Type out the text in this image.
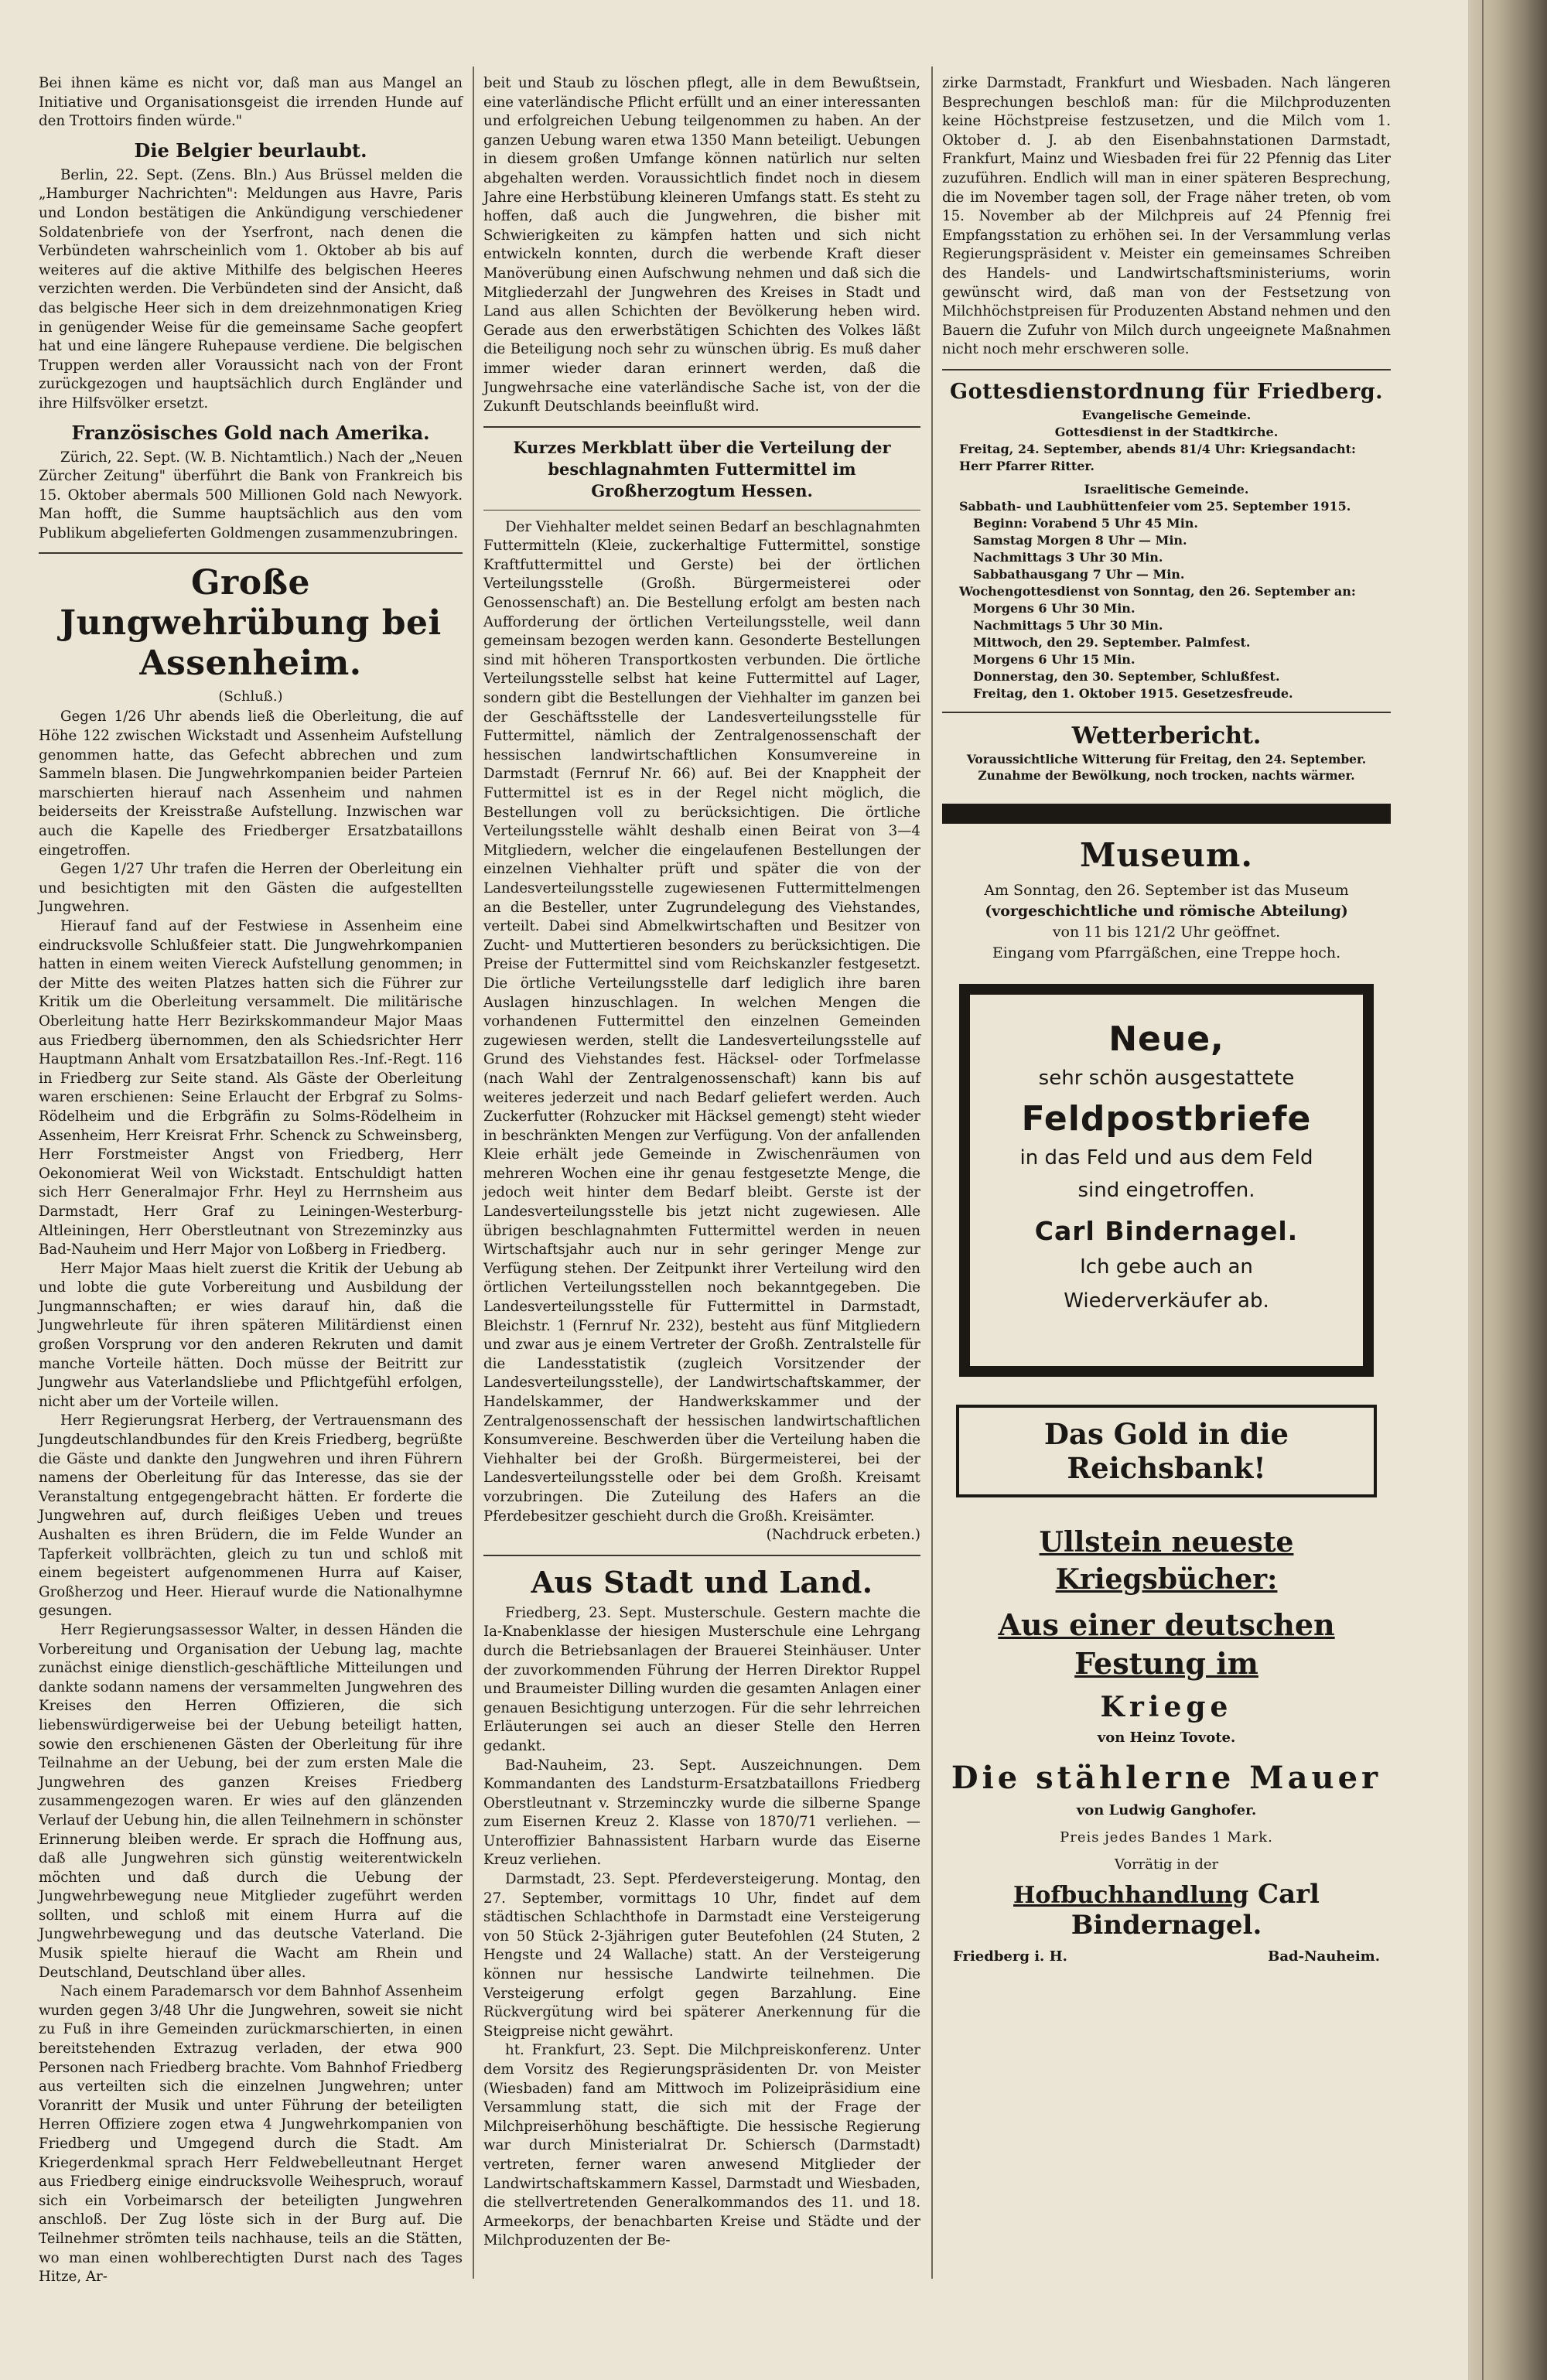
Bei ihnen käme es nicht vor, daß man aus Mangel an Initiative und Organisationsgeist die irrenden Hunde auf den Trottoirs finden würde."

Die Belgier beurlaubt.

Berlin, 22. Sept. (Zens. Bln.) Aus Brüssel melden die „Hamburger Nachrichten": Meldungen aus Havre, Paris und London bestätigen die Ankündigung verschiedener Soldatenbriefe von der Yserfront, nach denen die Verbündeten wahrscheinlich vom 1. Oktober ab bis auf weiteres auf die aktive Mithilfe des belgischen Heeres verzichten werden. Die Verbündeten sind der Ansicht, daß das belgische Heer sich in dem dreizehnmonatigen Krieg in genügender Weise für die gemeinsame Sache geopfert hat und eine längere Ruhepause verdiene. Die belgischen Truppen werden aller Voraussicht nach von der Front zurückgezogen und hauptsächlich durch Engländer und ihre Hilfsvölker ersetzt.

Französisches Gold nach Amerika.

Zürich, 22. Sept. (W. B. Nichtamtlich.) Nach der „Neuen Zürcher Zeitung" überführt die Bank von Frankreich bis 15. Oktober abermals 500 Millionen Gold nach Newyork. Man hofft, die Summe hauptsächlich aus den vom Publikum abgelieferten Goldmengen zusammenzubringen.

Große Jungwehrübung bei Assenheim.
(Schluß.)

Gegen 1/26 Uhr abends ließ die Oberleitung, die auf Höhe 122 zwischen Wickstadt und Assenheim Aufstellung genommen hatte, das Gefecht abbrechen und zum Sammeln blasen. Die Jungwehrkompanien beider Parteien marschierten hierauf nach Assenheim und nahmen beiderseits der Kreisstraße Aufstellung. Inzwischen war auch die Kapelle des Friedberger Ersatzbataillons eingetroffen.

Gegen 1/27 Uhr trafen die Herren der Oberleitung ein und besichtigten mit den Gästen die aufgestellten Jungwehren.

Hierauf fand auf der Festwiese in Assenheim eine eindrucksvolle Schlußfeier statt. Die Jungwehrkompanien hatten in einem weiten Viereck Aufstellung genommen; in der Mitte des weiten Platzes hatten sich die Führer zur Kritik um die Oberleitung versammelt. Die militärische Oberleitung hatte Herr Bezirkskommandeur Major Maas aus Friedberg übernommen, den als Schiedsrichter Herr Hauptmann Anhalt vom Ersatzbataillon Res.-Inf.-Regt. 116 in Friedberg zur Seite stand. Als Gäste der Oberleitung waren erschienen: Seine Erlaucht der Erbgraf zu Solms-Rödelheim und die Erbgräfin zu Solms-Rödelheim in Assenheim, Herr Kreisrat Frhr. Schenck zu Schweinsberg, Herr Forstmeister Angst von Friedberg, Herr Oekonomierat Weil von Wickstadt. Entschuldigt hatten sich Herr Generalmajor Frhr. Heyl zu Herrnsheim aus Darmstadt, Herr Graf zu Leiningen-Westerburg-Altleiningen, Herr Oberstleutnant von Strezeminzky aus Bad-Nauheim und Herr Major von Loßberg in Friedberg.

Herr Major Maas hielt zuerst die Kritik der Uebung ab und lobte die gute Vorbereitung und Ausbildung der Jungmannschaften; er wies darauf hin, daß die Jungwehrleute für ihren späteren Militärdienst einen großen Vorsprung vor den anderen Rekruten und damit manche Vorteile hätten. Doch müsse der Beitritt zur Jungwehr aus Vaterlandsliebe und Pflichtgefühl erfolgen, nicht aber um der Vorteile willen.

Herr Regierungsrat Herberg, der Vertrauensmann des Jungdeutschlandbundes für den Kreis Friedberg, begrüßte die Gäste und dankte den Jungwehren und ihren Führern namens der Oberleitung für das Interesse, das sie der Veranstaltung entgegengebracht hätten. Er forderte die Jungwehren auf, durch fleißiges Ueben und treues Aushalten es ihren Brüdern, die im Felde Wunder an Tapferkeit vollbrächten, gleich zu tun und schloß mit einem begeistert aufgenommenen Hurra auf Kaiser, Großherzog und Heer. Hierauf wurde die Nationalhymne gesungen.

Herr Regierungsassessor Walter, in dessen Händen die Vorbereitung und Organisation der Uebung lag, machte zunächst einige dienstlich-geschäftliche Mitteilungen und dankte sodann namens der versammelten Jungwehren des Kreises den Herren Offizieren, die sich liebenswürdigerweise bei der Uebung beteiligt hatten, sowie den erschienenen Gästen der Oberleitung für ihre Teilnahme an der Uebung, bei der zum ersten Male die Jungwehren des ganzen Kreises Friedberg zusammengezogen waren. Er wies auf den glänzenden Verlauf der Uebung hin, die allen Teilnehmern in schönster Erinnerung bleiben werde. Er sprach die Hoffnung aus, daß alle Jungwehren sich günstig weiterentwickeln möchten und daß durch die Uebung der Jungwehrbewegung neue Mitglieder zugeführt werden sollten, und schloß mit einem Hurra auf die Jungwehrbewegung und das deutsche Vaterland. Die Musik spielte hierauf die Wacht am Rhein und Deutschland, Deutschland über alles.

Nach einem Parademarsch vor dem Bahnhof Assenheim wurden gegen 3/48 Uhr die Jungwehren, soweit sie nicht zu Fuß in ihre Gemeinden zurückmarschierten, in einen bereitstehenden Extrazug verladen, der etwa 900 Personen nach Friedberg brachte. Vom Bahnhof Friedberg aus verteilten sich die einzelnen Jungwehren; unter Voranritt der Musik und unter Führung der beteiligten Herren Offiziere zogen etwa 4 Jungwehrkompanien von Friedberg und Umgegend durch die Stadt. Am Kriegerdenkmal sprach Herr Feldwebelleutnant Herget aus Friedberg einige eindrucksvolle Weihespruch, worauf sich ein Vorbeimarsch der beteiligten Jungwehren anschloß. Der Zug löste sich in der Burg auf. Die Teilnehmer strömten teils nachhause, teils an die Stätten, wo man einen wohlberechtigten Durst nach des Tages Hitze, Ar-

beit und Staub zu löschen pflegt, alle in dem Bewußtsein, eine vaterländische Pflicht erfüllt und an einer interessanten und erfolgreichen Uebung teilgenommen zu haben. An der ganzen Uebung waren etwa 1350 Mann beteiligt. Uebungen in diesem großen Umfange können natürlich nur selten abgehalten werden. Voraussichtlich findet noch in diesem Jahre eine Herbstübung kleineren Umfangs statt. Es steht zu hoffen, daß auch die Jungwehren, die bisher mit Schwierigkeiten zu kämpfen hatten und sich nicht entwickeln konnten, durch die werbende Kraft dieser Manöverübung einen Aufschwung nehmen und daß sich die Mitgliederzahl der Jungwehren des Kreises in Stadt und Land aus allen Schichten der Bevölkerung heben wird. Gerade aus den erwerbstätigen Schichten des Volkes läßt die Beteiligung noch sehr zu wünschen übrig. Es muß daher immer wieder daran erinnert werden, daß die Jungwehrsache eine vaterländische Sache ist, von der die Zukunft Deutschlands beeinflußt wird.

Kurzes Merkblatt über die Verteilung der beschlagnahmten Futtermittel im Großherzogtum Hessen.

Der Viehhalter meldet seinen Bedarf an beschlagnahmten Futtermitteln (Kleie, zuckerhaltige Futtermittel, sonstige Kraftfuttermittel und Gerste) bei der örtlichen Verteilungsstelle (Großh. Bürgermeisterei oder Genossenschaft) an. Die Bestellung erfolgt am besten nach Aufforderung der örtlichen Verteilungsstelle, weil dann gemeinsam bezogen werden kann. Gesonderte Bestellungen sind mit höheren Transportkosten verbunden. Die örtliche Verteilungsstelle selbst hat keine Futtermittel auf Lager, sondern gibt die Bestellungen der Viehhalter im ganzen bei der Geschäftsstelle der Landesverteilungsstelle für Futtermittel, nämlich der Zentralgenossenschaft der hessischen landwirtschaftlichen Konsumvereine in Darmstadt (Fernruf Nr. 66) auf. Bei der Knappheit der Futtermittel ist es in der Regel nicht möglich, die Bestellungen voll zu berücksichtigen. Die örtliche Verteilungsstelle wählt deshalb einen Beirat von 3—4 Mitgliedern, welcher die eingelaufenen Bestellungen der einzelnen Viehhalter prüft und später die von der Landesverteilungsstelle zugewiesenen Futtermittelmengen an die Besteller, unter Zugrundelegung des Viehstandes, verteilt. Dabei sind Abmelkwirtschaften und Besitzer von Zucht- und Muttertieren besonders zu berücksichtigen. Die Preise der Futtermittel sind vom Reichskanzler festgesetzt. Die örtliche Verteilungsstelle darf lediglich ihre baren Auslagen hinzuschlagen. In welchen Mengen die vorhandenen Futtermittel den einzelnen Gemeinden zugewiesen werden, stellt die Landesverteilungsstelle auf Grund des Viehstandes fest. Häcksel- oder Torfmelasse (nach Wahl der Zentralgenossenschaft) kann bis auf weiteres jederzeit und nach Bedarf geliefert werden. Auch Zuckerfutter (Rohzucker mit Häcksel gemengt) steht wieder in beschränkten Mengen zur Verfügung. Von der anfallenden Kleie erhält jede Gemeinde in Zwischenräumen von mehreren Wochen eine ihr genau festgesetzte Menge, die jedoch weit hinter dem Bedarf bleibt. Gerste ist der Landesverteilungsstelle bis jetzt nicht zugewiesen. Alle übrigen beschlagnahmten Futtermittel werden in neuen Wirtschaftsjahr auch nur in sehr geringer Menge zur Verfügung stehen. Der Zeitpunkt ihrer Verteilung wird den örtlichen Verteilungsstellen noch bekanntgegeben. Die Landesverteilungsstelle für Futtermittel in Darmstadt, Bleichstr. 1 (Fernruf Nr. 232), besteht aus fünf Mitgliedern und zwar aus je einem Vertreter der Großh. Zentralstelle für die Landesstatistik (zugleich Vorsitzender der Landesverteilungsstelle), der Landwirtschaftskammer, der Handelskammer, der Handwerkskammer und der Zentralgenossenschaft der hessischen landwirtschaftlichen Konsumvereine. Beschwerden über die Verteilung haben die Viehhalter bei der Großh. Bürgermeisterei, bei der Landesverteilungsstelle oder bei dem Großh. Kreisamt vorzubringen. Die Zuteilung des Hafers an die Pferdebesitzer geschieht durch die Großh. Kreisämter.

(Nachdruck erbeten.)

Aus Stadt und Land.

Friedberg, 23. Sept. Musterschule. Gestern machte die Ia-Knabenklasse der hiesigen Musterschule eine Lehrgang durch die Betriebsanlagen der Brauerei Steinhäuser. Unter der zuvorkommenden Führung der Herren Direktor Ruppel und Braumeister Dilling wurden die gesamten Anlagen einer genauen Besichtigung unterzogen. Für die sehr lehrreichen Erläuterungen sei auch an dieser Stelle den Herren gedankt.

Bad-Nauheim, 23. Sept. Auszeichnungen. Dem Kommandanten des Landsturm-Ersatzbataillons Friedberg Oberstleutnant v. Strzeminczky wurde die silberne Spange zum Eisernen Kreuz 2. Klasse von 1870/71 verliehen. — Unteroffizier Bahnassistent Harbarn wurde das Eiserne Kreuz verliehen.

Darmstadt, 23. Sept. Pferdeversteigerung. Montag, den 27. September, vormittags 10 Uhr, findet auf dem städtischen Schlachthofe in Darmstadt eine Versteigerung von 50 Stück 2-3jährigen guter Beutefohlen (24 Stuten, 2 Hengste und 24 Wallache) statt. An der Versteigerung können nur hessische Landwirte teilnehmen. Die Versteigerung erfolgt gegen Barzahlung. Eine Rückvergütung wird bei späterer Anerkennung für die Steigpreise nicht gewährt.

ht. Frankfurt, 23. Sept. Die Milchpreiskonferenz. Unter dem Vorsitz des Regierungspräsidenten Dr. von Meister (Wiesbaden) fand am Mittwoch im Polizeipräsidium eine Versammlung statt, die sich mit der Frage der Milchpreiserhöhung beschäftigte. Die hessische Regierung war durch Ministerialrat Dr. Schiersch (Darmstadt) vertreten, ferner waren anwesend Mitglieder der Landwirtschaftskammern Kassel, Darmstadt und Wiesbaden, die stellvertretenden Generalkommandos des 11. und 18. Armeekorps, der benachbarten Kreise und Städte und der Milchproduzenten der Be-

zirke Darmstadt, Frankfurt und Wiesbaden. Nach längeren Besprechungen beschloß man: für die Milchproduzenten keine Höchstpreise festzusetzen, und die Milch vom 1. Oktober d. J. ab den Eisenbahnstationen Darmstadt, Frankfurt, Mainz und Wiesbaden frei für 22 Pfennig das Liter zuzuführen. Endlich will man in einer späteren Besprechung, die im November tagen soll, der Frage näher treten, ob vom 15. November ab der Milchpreis auf 24 Pfennig frei Empfangsstation zu erhöhen sei. In der Versammlung verlas Regierungspräsident v. Meister ein gemeinsames Schreiben des Handels- und Landwirtschaftsministeriums, worin gewünscht wird, daß man von der Festsetzung von Milchhöchstpreisen für Produzenten Abstand nehmen und den Bauern die Zufuhr von Milch durch ungeeignete Maßnahmen nicht noch mehr erschweren solle.

Gottesdienstordnung für Friedberg.
Evangelische Gemeinde.
Gottesdienst in der Stadtkirche.
Freitag, 24. September, abends 81/4 Uhr: Kriegsandacht: Herr Pfarrer Ritter.
Israelitische Gemeinde.
Sabbath- und Laubhüttenfeier vom 25. September 1915.
Beginn: Vorabend 5 Uhr 45 Min.
Samstag Morgen 8 Uhr — Min.
Nachmittags 3 Uhr 30 Min.
Sabbathausgang 7 Uhr — Min.
Wochengottesdienst von Sonntag, den 26. September an:
Morgens 6 Uhr 30 Min.
Nachmittags 5 Uhr 30 Min.
Mittwoch, den 29. September. Palmfest.
Morgens 6 Uhr 15 Min.
Donnerstag, den 30. September, Schlußfest.
Freitag, den 1. Oktober 1915. Gesetzesfreude.
Wetterbericht.
Voraussichtliche Witterung für Freitag, den 24. September.
Zunahme der Bewölkung, noch trocken, nachts wärmer.
Museum.
Am Sonntag, den 26. September ist das Museum
(vorgeschichtliche und römische Abteilung)
von 11 bis 121/2 Uhr geöffnet.
Eingang vom Pfarrgäßchen, eine Treppe hoch.
Neue,
sehr schön ausgestattete
Feldpostbriefe
in das Feld und aus dem Feld
sind eingetroffen.
Carl Bindernagel.
Ich gebe auch an
Wiederverkäufer ab.
Das Gold in die Reichsbank!
Ullstein neueste Kriegsbücher:
Aus einer deutschen Festung im
Kriege
von Heinz Tovote.
Die stählerne Mauer
von Ludwig Ganghofer.
Preis jedes Bandes 1 Mark.
Vorrätig in der
Hofbuchhandlung Carl Bindernagel.
Friedberg i. H.	Bad-Nauheim.
